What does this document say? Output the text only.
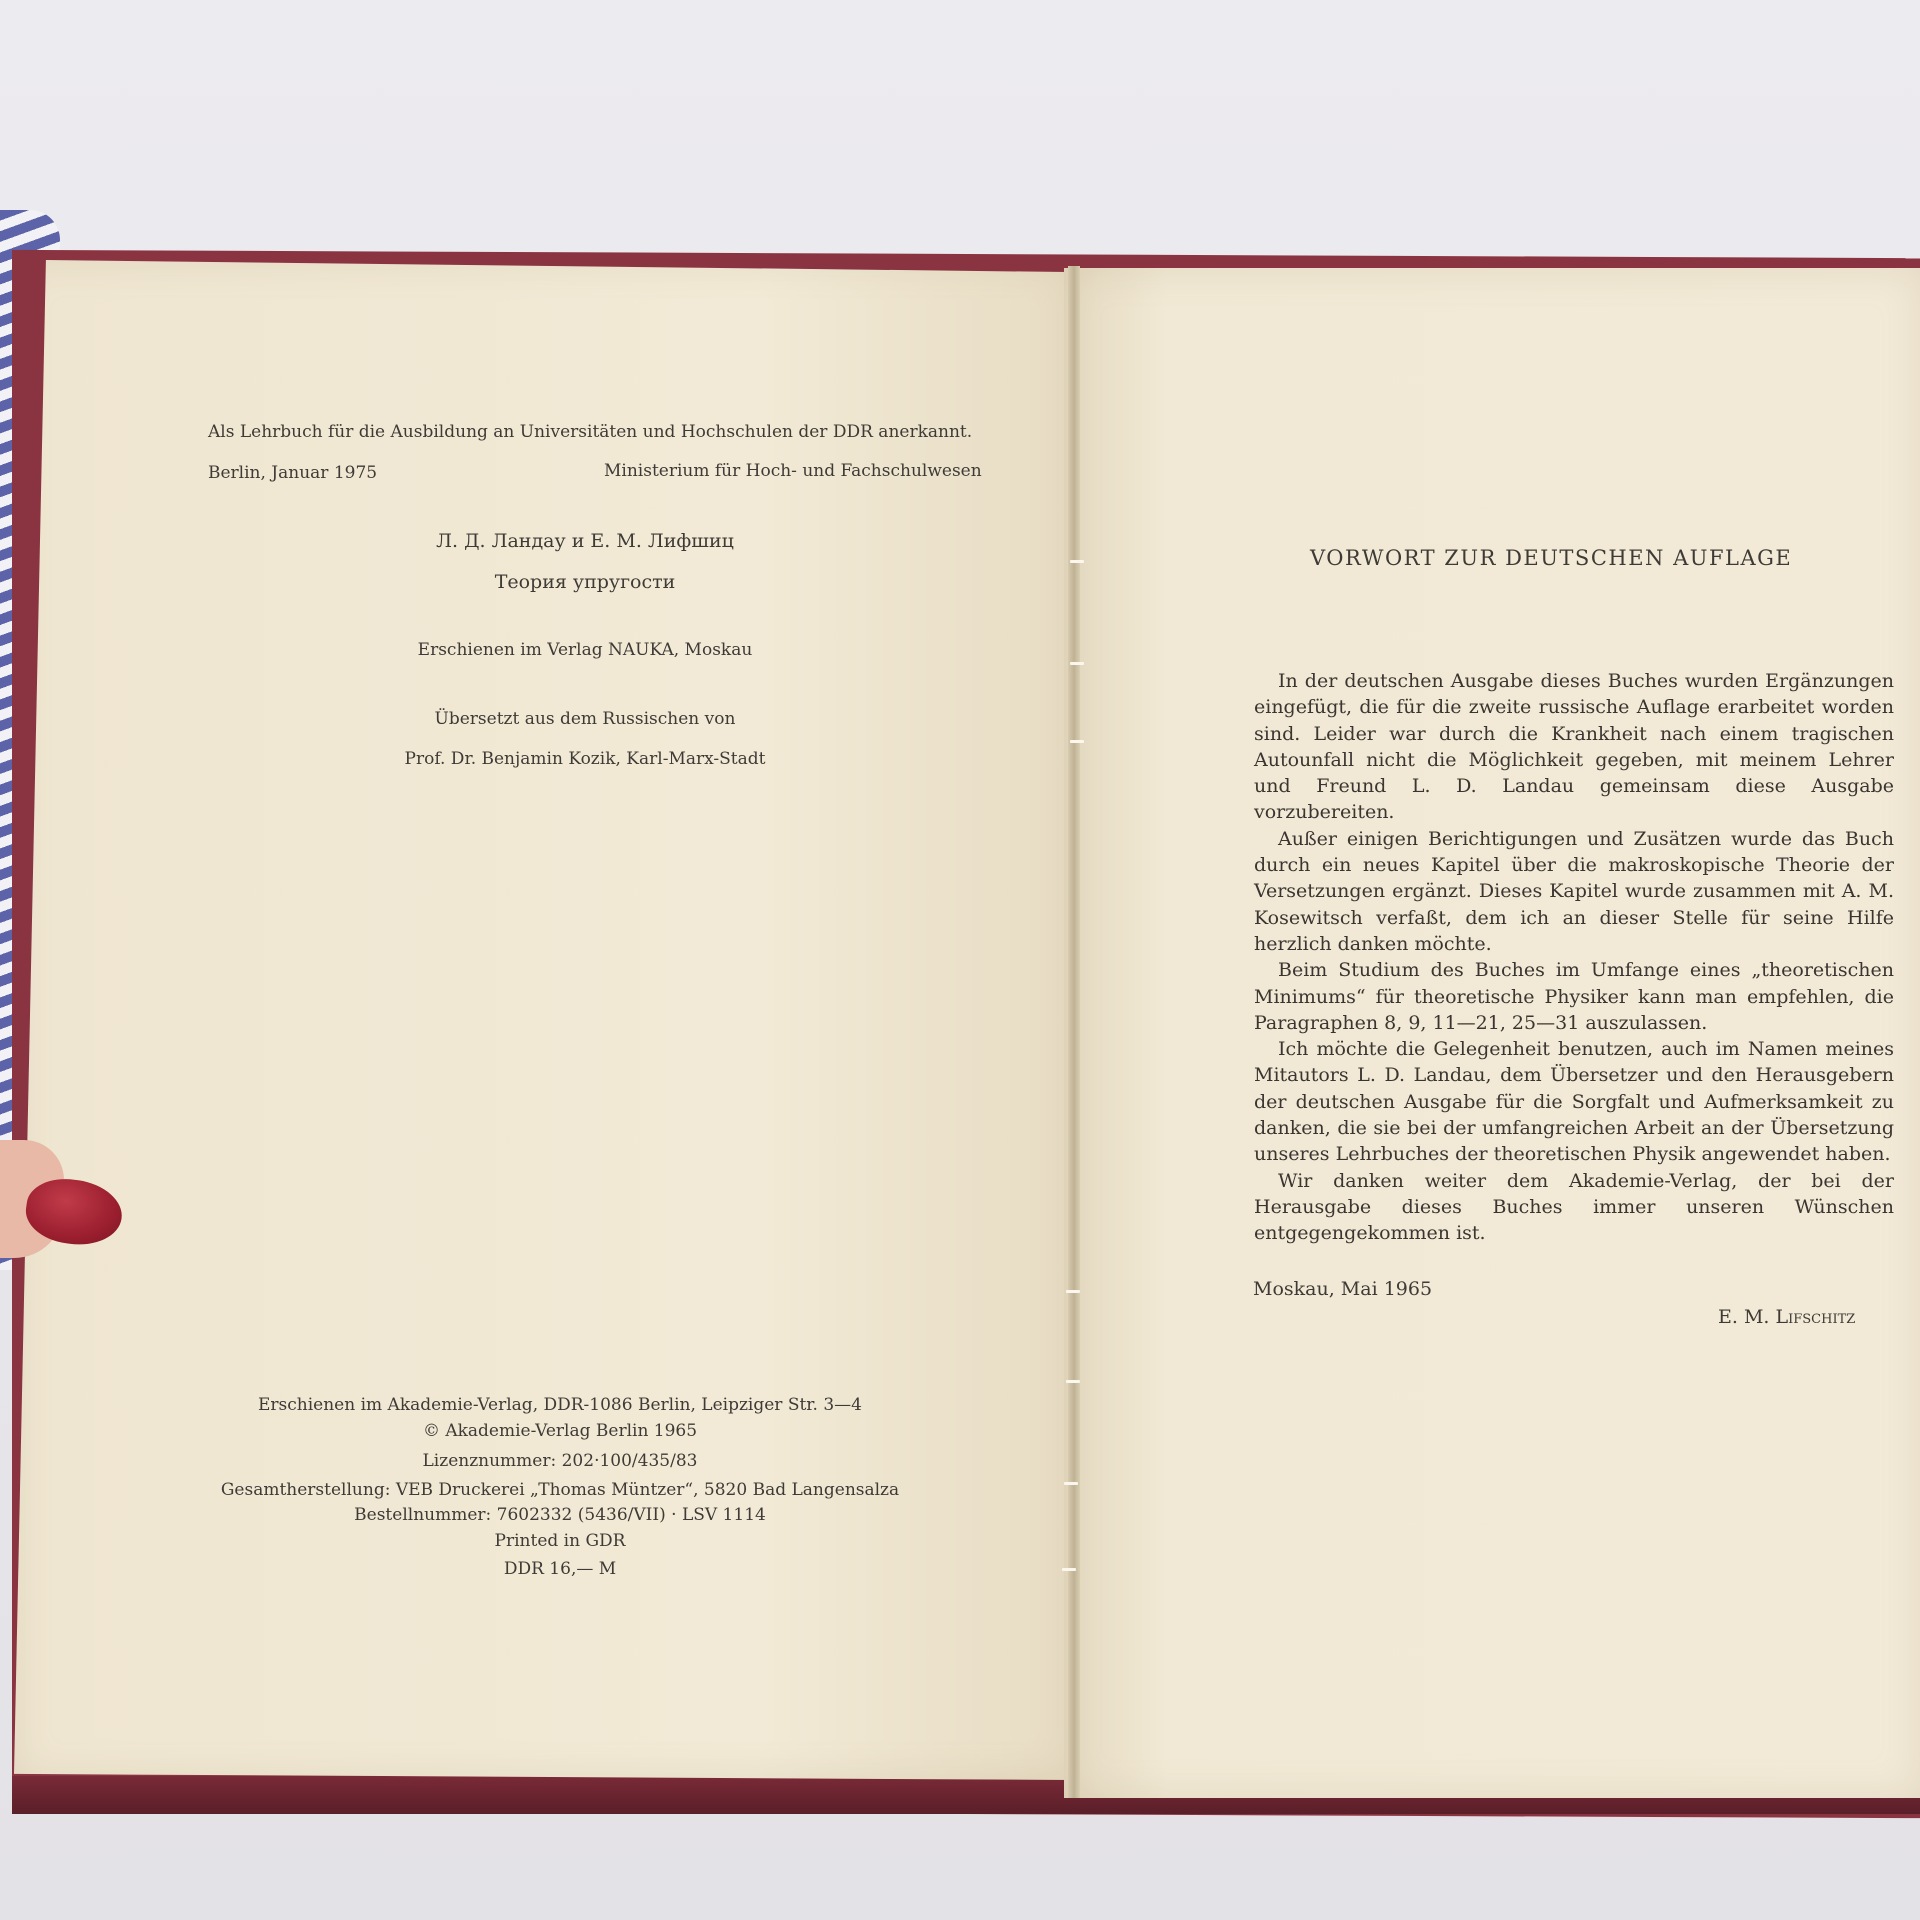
Als Lehrbuch für die Ausbildung an Universitäten und Hochschulen der DDR anerkannt.
Berlin, Januar 1975	Ministerium für Hoch- und Fachschulwesen
Л. Д. Ландау и Е. М. Лифшиц
Теория упругости
Erschienen im Verlag NAUKA, Moskau
Übersetzt aus dem Russischen von
Prof. Dr. Benjamin Kozik, Karl-Marx-Stadt
Erschienen im Akademie-Verlag, DDR-1086 Berlin, Leipziger Str. 3—4
© Akademie-Verlag Berlin 1965
Lizenznummer: 202·100/435/83
Gesamtherstellung: VEB Druckerei „Thomas Müntzer“, 5820 Bad Langensalza
Bestellnummer: 7602332 (5436/VII) · LSV 1114
Printed in GDR
DDR 16,— M
VORWORT ZUR DEUTSCHEN AUFLAGE

In der deutschen Ausgabe dieses Buches wurden Ergänzungen eingefügt, die für die zweite russische Auflage erarbeitet worden sind. Leider war durch die Krankheit nach einem tragischen Autounfall nicht die Möglichkeit gegeben, mit meinem Lehrer und Freund L. D. Landau gemeinsam diese Ausgabe vorzubereiten.

Außer einigen Berichtigungen und Zusätzen wurde das Buch durch ein neues Kapitel über die makroskopische Theorie der Versetzungen ergänzt. Dieses Kapitel wurde zusammen mit A. M. Kosewitsch verfaßt, dem ich an dieser Stelle für seine Hilfe herzlich danken möchte.

Beim Studium des Buches im Umfange eines „theoretischen Minimums“ für theoretische Physiker kann man empfehlen, die Paragraphen 8, 9, 11—21, 25—31 auszulassen.

Ich möchte die Gelegenheit benutzen, auch im Namen meines Mitautors L. D. Landau, dem Übersetzer und den Herausgebern der deutschen Ausgabe für die Sorgfalt und Aufmerksamkeit zu danken, die sie bei der umfangreichen Arbeit an der Übersetzung unseres Lehrbuches der theoretischen Physik angewendet haben.

Wir danken weiter dem Akademie-Verlag, der bei der Herausgabe dieses Buches immer unseren Wünschen entgegengekommen ist.

Moskau, Mai 1965
E. M. Lifschitz
